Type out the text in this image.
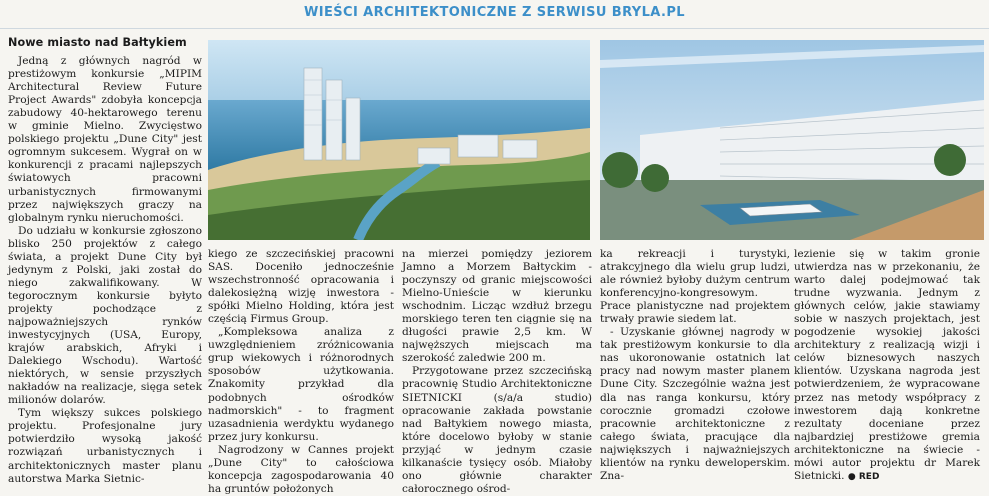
WIEŚCI ARCHITEKTONICZNE Z SERWISU BRYLA.PL

Nowe miasto nad Bałtykiem

Jedną z głównych nagród w prestiżowym konkursie „MIPIM Architectural Review Future Project Awards" zdobyła koncepcja zabudowy 40-hektarowego terenu w gminie Mielno. Zwycięstwo polskiego projektu „Dune City" jest ogromnym sukcesem. Wygrał on w konkurencji z pracami najlepszych światowych pracowni urbanistycznych firmowanymi przez największych graczy na globalnym rynku nieruchomości.

Do udziału w konkursie zgłoszono blisko 250 projektów z całego świata, a projekt Dune City był jedynym z Polski, jaki został do niego zakwalifikowany. W tegorocznym konkursie byłyto projekty pochodzące z najpoważniejszych rynków inwestycyjnych (USA, Europy, krajów arabskich, Afryki i Dalekiego Wschodu). Wartość niektórych, w sensie przyszłych nakładów na realizacje, sięga setek milionów dolarów.

Tym większy sukces polskiego projektu. Profesjonalne jury potwierdziło wysoką jakość rozwiązań urbanistycznych i architektonicznych master planu autorstwa Marka Sietnic-

kiego ze szczecińskiej pracowni SAS. Doceniło jednocześnie wszechstronność opracowania i dalekosiężną wizję inwestora - spółki Mielno Holding, która jest częścią Firmus Group.

„Kompleksowa analiza z uwzględnieniem zróżnicowania grup wiekowych i różnorodnych sposobów użytkowania. Znakomity przykład dla podobnych ośrodków nadmorskich" - to fragment uzasadnienia werdyktu wydanego przez jury konkursu.

Nagrodzony w Cannes projekt „Dune City" to całościowa koncepcja zagospodarowania 40 ha gruntów położonych

na mierzei pomiędzy jeziorem Jamno a Morzem Bałtyckim - poczynszy od granic miejscowości Mielno-Unieście w kierunku wschodnim. Licząc wzdłuż brzegu morskiego teren ten ciągnie się na długości prawie 2,5 km. W najwęższych miejscach ma szerokość zaledwie 200 m.

Przygotowane przez szczecińską pracownię Studio Architektoniczne SIETNICKI (s/a/a studio) opracowanie zakłada powstanie nad Bałtykiem nowego miasta, które docelowo byłoby w stanie przyjąć w jednym czasie kilkanaście tysięcy osób. Miałoby ono głównie charakter całorocznego ośrod-

ka rekreacji i turystyki, atrakcyjnego dla wielu grup ludzi, ale również byłoby dużym centrum konferencyjno-kongresowym. Prace planistyczne nad projektem trwały prawie siedem lat.

- Uzyskanie głównej nagrody w tak prestiżowym konkursie to dla nas ukoronowanie ostatnich lat pracy nad nowym master planem Dune City. Szczególnie ważna jest dla nas ranga konkursu, który corocznie gromadzi czołowe pracownie architektoniczne z całego świata, pracujące dla największych i najważniejszych klientów na rynku deweloperskim. Zna-

lezienie się w takim gronie utwierdza nas w przekonaniu, że warto dalej podejmować tak trudne wyzwania. Jednym z głównych celów, jakie stawiamy sobie w naszych projektach, jest pogodzenie wysokiej jakości architektury z realizacją wizji i celów biznesowych naszych klientów. Uzyskana nagroda jest potwierdzeniem, że wypracowane przez nas metody współpracy z inwestorem dają konkretne rezultaty doceniane przez najbardziej prestiżowe gremia architektoniczne na świecie - mówi autor projektu dr Marek Sietnicki. ● RED
